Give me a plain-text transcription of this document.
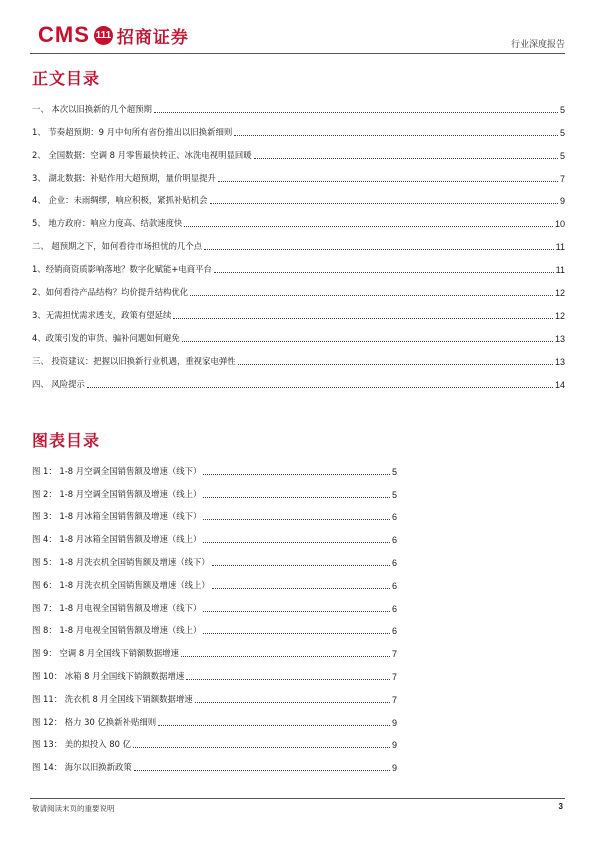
CMS 111 招商证券	行业深度报告
正文目录
一、 本次以旧换新的几个超预期	5
1、 节奏超预期：9 月中旬所有省份推出以旧换新细则	5
2、 全国数据：空调 8 月零售最快转正、冰洗电视明显回暖	5
3、 湖北数据：补贴作用大超预期，量价明显提升	7
4、 企业：未雨绸缪，响应积极，紧抓补贴机会	9
5、 地方政府：响应力度高、结款速度快	10
二、 超预期之下，如何看待市场担忧的几个点	11
1、经销商资质影响落地？数字化赋能+电商平台	11
2、如何看待产品结构？均价提升结构优化	12
3、无需担忧需求透支，政策有望延续	12
4、政策引发的审货、骗补问题如何避免	13
三、 投资建议：把握以旧换新行业机遇，重视家电弹性	13
四、 风险提示	14
图表目录
图 1： 1-8 月空调全国销售额及增速（线下）	5
图 2： 1-8 月空调全国销售额及增速（线上）	5
图 3： 1-8 月冰箱全国销售额及增速（线下）	6
图 4： 1-8 月冰箱全国销售额及增速（线上）	6
图 5： 1-8 月洗衣机全国销售额及增速（线下）	6
图 6： 1-8 月洗衣机全国销售额及增速（线上）	6
图 7： 1-8 月电视全国销售额及增速（线下）	6
图 8： 1-8 月电视全国销售额及增速（线上）	6
图 9： 空调 8 月全国线下销额数据增速	7
图 10： 冰箱 8 月全国线下销额数据增速	7
图 11： 洗衣机 8 月全国线下销额数据增速	7
图 12： 格力 30 亿换新补贴细则	9
图 13： 美的拟投入 80 亿	9
图 14： 海尔以旧换新政策	9
敬请阅读末页的重要说明	3
